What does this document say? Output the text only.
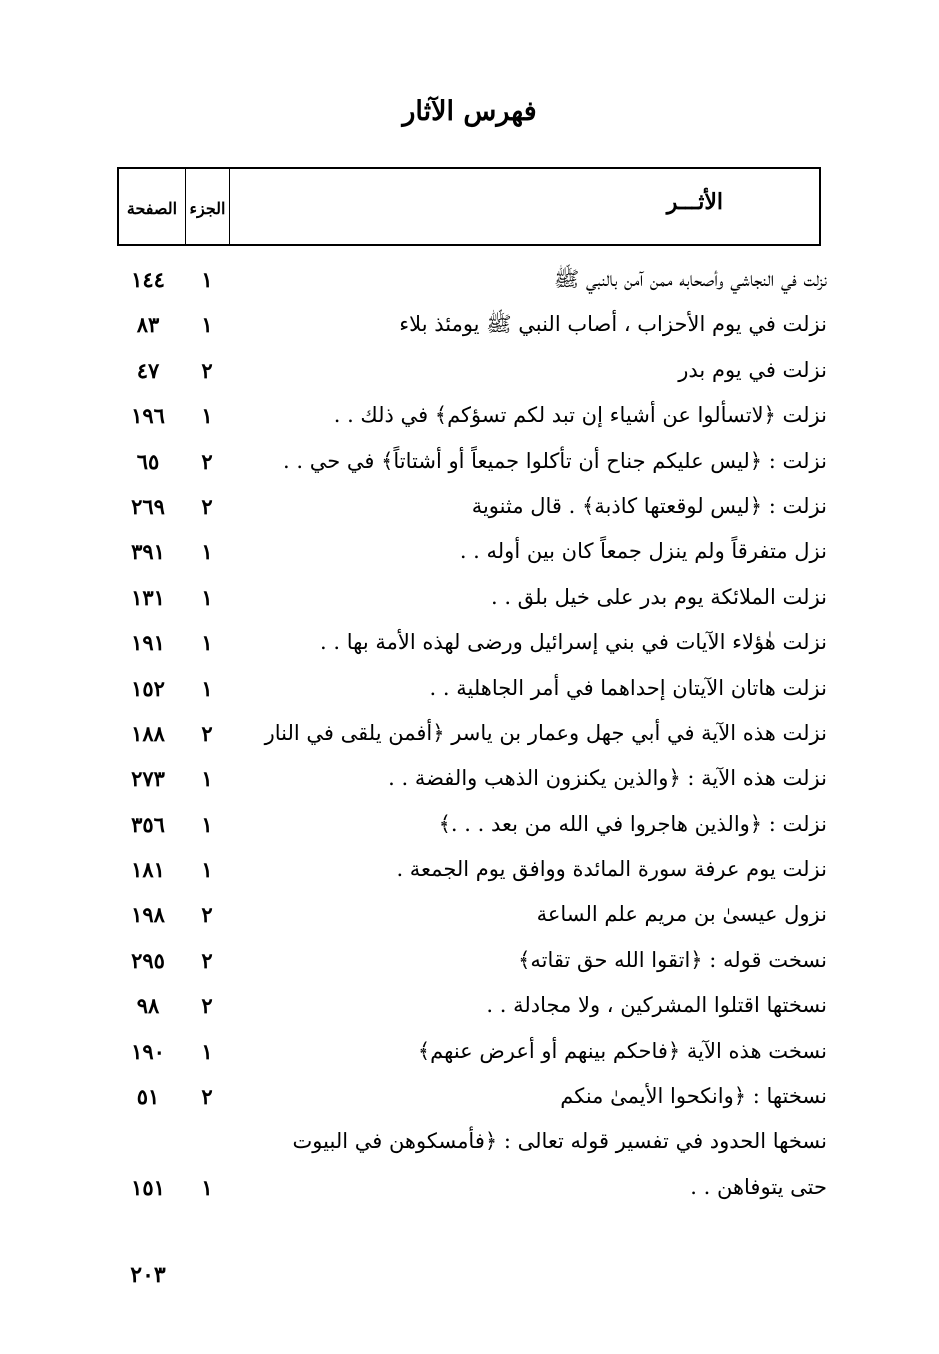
فهرس الآثار
الأثـــر
الجزء
الصفحة
نزلت في النجاشي وأصحابه ممن آمن بالنبي ﷺ
١
١٤٤
نزلت في يوم الأحزاب ، أصاب النبي ﷺ يومئذ بلاء
١
٨٣
نزلت في يوم بدر
٢
٤٧
نزلت ﴿لاتسألوا عن أشياء إن تبد لكم تسؤكم﴾ في ذلك . .
١
١٩٦
نزلت : ﴿ليس عليكم جناح أن تأكلوا جميعاً أو أشتاتاً﴾ في حي . .
٢
٦٥
نزلت : ﴿ليس لوقعتها كاذبة﴾ . قال مثنوية
٢
٢٦٩
نزل متفرقاً ولم ينزل جمعاً كان بين أوله . .
١
٣٩١
نزلت الملائكة يوم بدر على خيل بلق . .
١
١٣١
نزلت هٰؤلاء الآيات في بني إسرائيل ورضى لهذه الأمة بها . .
١
١٩١
نزلت هاتان الآيتان إحداهما في أمر الجاهلية . .
١
١٥٢
نزلت هذه الآية في أبي جهل وعمار بن ياسر ﴿أفمن يلقى في النار
٢
١٨٨
نزلت هذه الآية : ﴿والذين يكنزون الذهب والفضة . .
١
٢٧٣
نزلت : ﴿والذين هاجروا في الله من بعد . . .﴾
١
٣٥٦
نزلت يوم عرفة سورة المائدة ووافق يوم الجمعة .
١
١٨١
نزول عيسىٰ بن مريم علم الساعة
٢
١٩٨
نسخت قوله : ﴿اتقوا الله حق تقاته﴾
٢
٢٩٥
نسختها اقتلوا المشركين ، ولا مجادلة . .
٢
٩٨
نسخت هذه الآية ﴿فاحكم بينهم أو أعرض عنهم﴾
١
١٩٠
نسختها : ﴿وانكحوا الأيمىٰ منكم
٢
٥١
نسخها الحدود في تفسير قوله تعالى : ﴿فأمسكوهن في البيوت
حتى يتوفاهن . .
١
١٥١
٢٠٣
